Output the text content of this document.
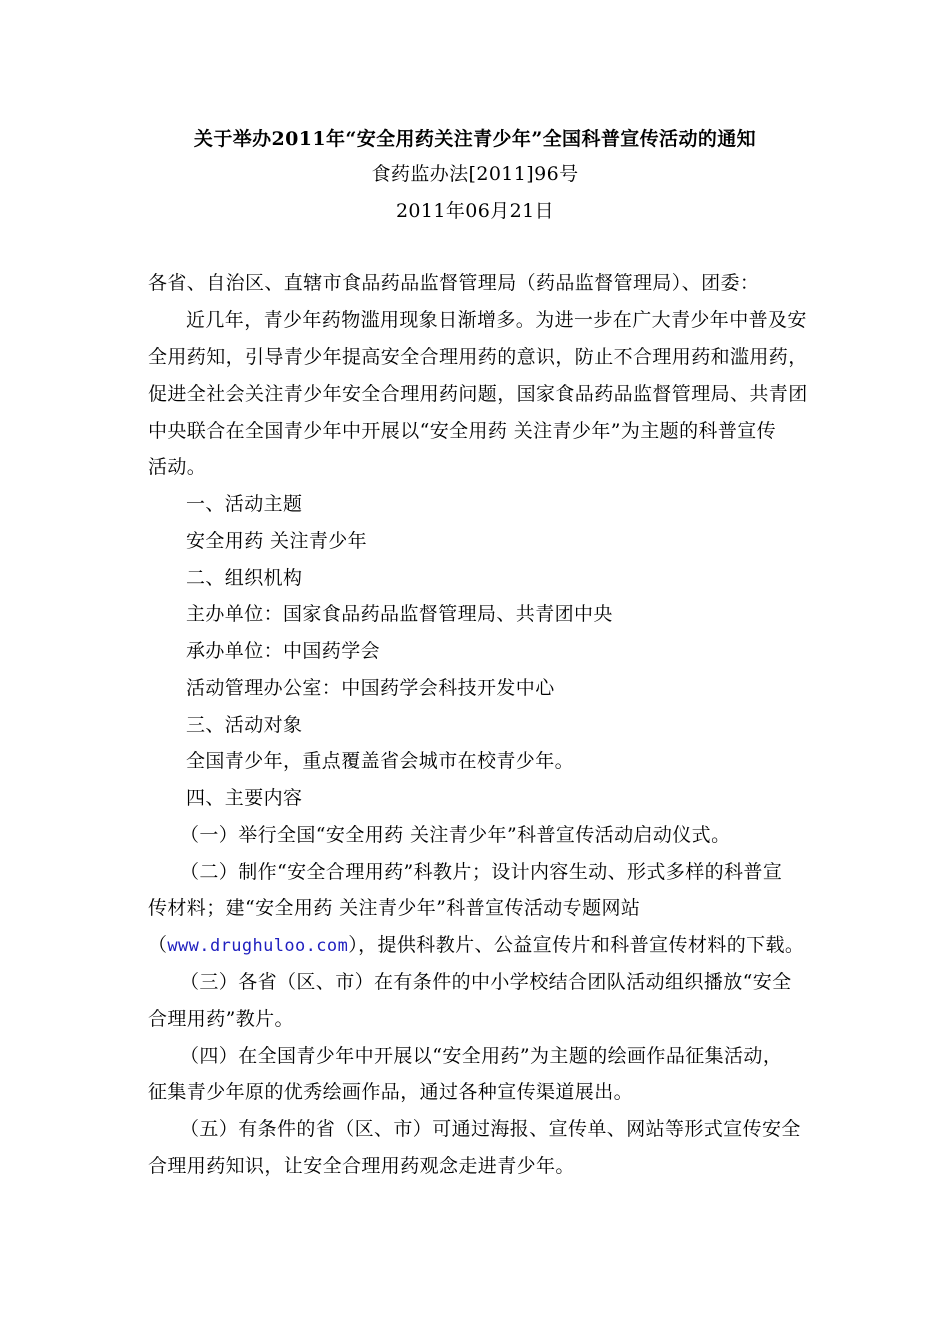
关于举办2011年“安全用药关注青少年”全国科普宣传活动的通知
食药监办法[2011]96号
2011年06月21日
各省、自治区、直辖市食品药品监督管理局（药品监督管理局）、团委：
近几年，青少年药物滥用现象日渐增多。为进一步在广大青少年中普及安
全用药知，引导青少年提高安全合理用药的意识，防止不合理用药和滥用药，
促进全社会关注青少年安全合理用药问题，国家食品药品监督管理局、共青团
中央联合在全国青少年中开展以“安全用药 关注青少年”为主题的科普宣传
活动。
一、活动主题
安全用药 关注青少年
二、组织机构
主办单位：国家食品药品监督管理局、共青团中央
承办单位：中国药学会
活动管理办公室：中国药学会科技开发中心
三、活动对象
全国青少年，重点覆盖省会城市在校青少年。
四、主要内容
（一）举行全国“安全用药 关注青少年”科普宣传活动启动仪式。
（二）制作“安全合理用药”科教片；设计内容生动、形式多样的科普宣
传材料；建“安全用药 关注青少年”科普宣传活动专题网站
（www.drughuloo.com），提供科教片、公益宣传片和科普宣传材料的下载。
（三）各省（区、市）在有条件的中小学校结合团队活动组织播放“安全
合理用药”教片。
（四）在全国青少年中开展以“安全用药”为主题的绘画作品征集活动，
征集青少年原的优秀绘画作品，通过各种宣传渠道展出。
（五）有条件的省（区、市）可通过海报、宣传单、网站等形式宣传安全
合理用药知识，让安全合理用药观念走进青少年。
